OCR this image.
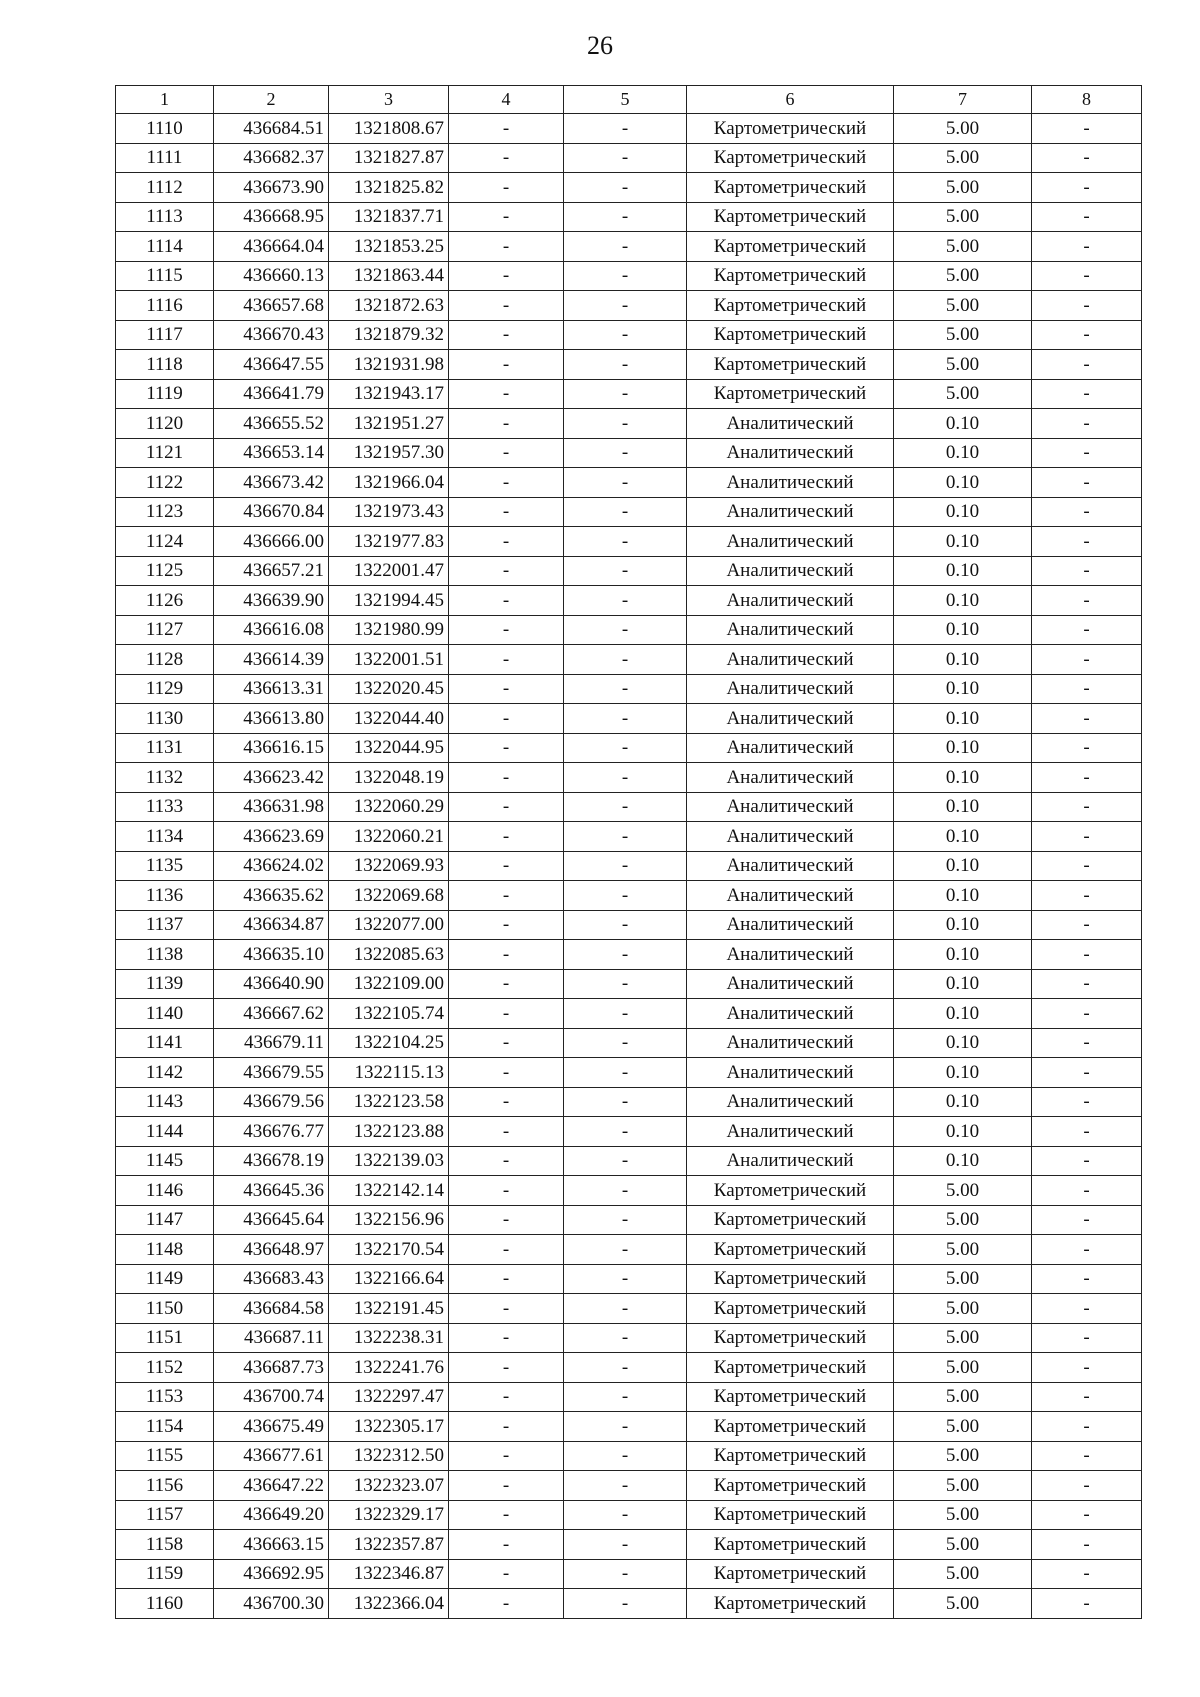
26
1	2	3	4	5	6	7	8
1110	436684.51	1321808.67	-	-	Картометрический	5.00	-
1111	436682.37	1321827.87	-	-	Картометрический	5.00	-
1112	436673.90	1321825.82	-	-	Картометрический	5.00	-
1113	436668.95	1321837.71	-	-	Картометрический	5.00	-
1114	436664.04	1321853.25	-	-	Картометрический	5.00	-
1115	436660.13	1321863.44	-	-	Картометрический	5.00	-
1116	436657.68	1321872.63	-	-	Картометрический	5.00	-
1117	436670.43	1321879.32	-	-	Картометрический	5.00	-
1118	436647.55	1321931.98	-	-	Картометрический	5.00	-
1119	436641.79	1321943.17	-	-	Картометрический	5.00	-
1120	436655.52	1321951.27	-	-	Аналитический	0.10	-
1121	436653.14	1321957.30	-	-	Аналитический	0.10	-
1122	436673.42	1321966.04	-	-	Аналитический	0.10	-
1123	436670.84	1321973.43	-	-	Аналитический	0.10	-
1124	436666.00	1321977.83	-	-	Аналитический	0.10	-
1125	436657.21	1322001.47	-	-	Аналитический	0.10	-
1126	436639.90	1321994.45	-	-	Аналитический	0.10	-
1127	436616.08	1321980.99	-	-	Аналитический	0.10	-
1128	436614.39	1322001.51	-	-	Аналитический	0.10	-
1129	436613.31	1322020.45	-	-	Аналитический	0.10	-
1130	436613.80	1322044.40	-	-	Аналитический	0.10	-
1131	436616.15	1322044.95	-	-	Аналитический	0.10	-
1132	436623.42	1322048.19	-	-	Аналитический	0.10	-
1133	436631.98	1322060.29	-	-	Аналитический	0.10	-
1134	436623.69	1322060.21	-	-	Аналитический	0.10	-
1135	436624.02	1322069.93	-	-	Аналитический	0.10	-
1136	436635.62	1322069.68	-	-	Аналитический	0.10	-
1137	436634.87	1322077.00	-	-	Аналитический	0.10	-
1138	436635.10	1322085.63	-	-	Аналитический	0.10	-
1139	436640.90	1322109.00	-	-	Аналитический	0.10	-
1140	436667.62	1322105.74	-	-	Аналитический	0.10	-
1141	436679.11	1322104.25	-	-	Аналитический	0.10	-
1142	436679.55	1322115.13	-	-	Аналитический	0.10	-
1143	436679.56	1322123.58	-	-	Аналитический	0.10	-
1144	436676.77	1322123.88	-	-	Аналитический	0.10	-
1145	436678.19	1322139.03	-	-	Аналитический	0.10	-
1146	436645.36	1322142.14	-	-	Картометрический	5.00	-
1147	436645.64	1322156.96	-	-	Картометрический	5.00	-
1148	436648.97	1322170.54	-	-	Картометрический	5.00	-
1149	436683.43	1322166.64	-	-	Картометрический	5.00	-
1150	436684.58	1322191.45	-	-	Картометрический	5.00	-
1151	436687.11	1322238.31	-	-	Картометрический	5.00	-
1152	436687.73	1322241.76	-	-	Картометрический	5.00	-
1153	436700.74	1322297.47	-	-	Картометрический	5.00	-
1154	436675.49	1322305.17	-	-	Картометрический	5.00	-
1155	436677.61	1322312.50	-	-	Картометрический	5.00	-
1156	436647.22	1322323.07	-	-	Картометрический	5.00	-
1157	436649.20	1322329.17	-	-	Картометрический	5.00	-
1158	436663.15	1322357.87	-	-	Картометрический	5.00	-
1159	436692.95	1322346.87	-	-	Картометрический	5.00	-
1160	436700.30	1322366.04	-	-	Картометрический	5.00	-
